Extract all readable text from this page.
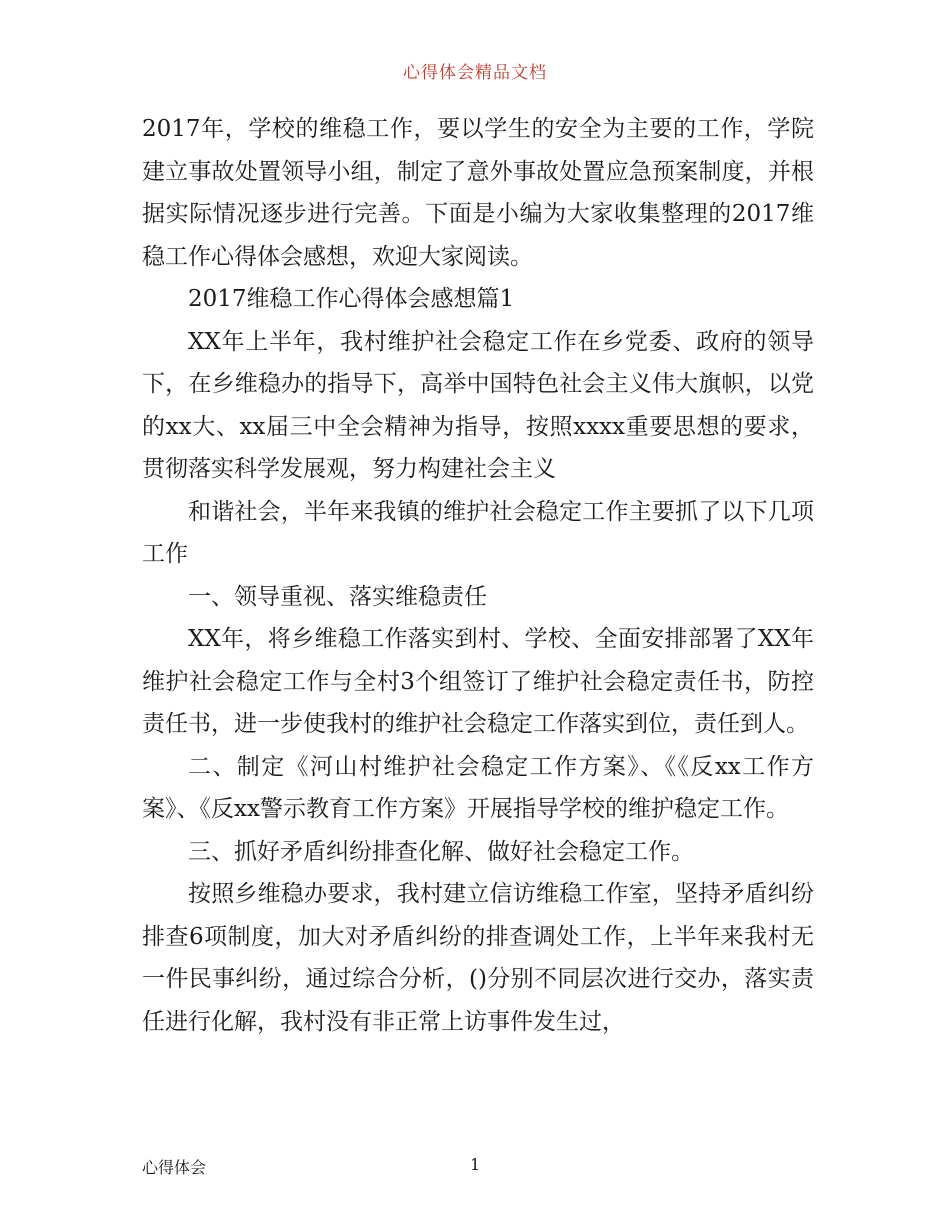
心得体会精品文档

2017年，学校的维稳工作，要以学生的安全为主要的工作，学院建立事故处置领导小组，制定了意外事故处置应急预案制度，并根据实际情况逐步进行完善。下面是小编为大家收集整理的2017维稳工作心得体会感想，欢迎大家阅读。

2017维稳工作心得体会感想篇1

XX年上半年，我村维护社会稳定工作在乡党委、政府的领导下，在乡维稳办的指导下，高举中国特色社会主义伟大旗帜，以党的xx大、xx届三中全会精神为指导，按照xxxx重要思想的要求，贯彻落实科学发展观，努力构建社会主义

和谐社会，半年来我镇的维护社会稳定工作主要抓了以下几项工作

一、领导重视、落实维稳责任

XX年，将乡维稳工作落实到村、学校、全面安排部署了XX年维护社会稳定工作与全村3个组签订了维护社会稳定责任书，防控责任书，进一步使我村的维护社会稳定工作落实到位，责任到人。

二、制定《河山村维护社会稳定工作方案》、《《反xx工作方案》、《反xx警示教育工作方案》开展指导学校的维护稳定工作。

三、抓好矛盾纠纷排查化解、做好社会稳定工作。

按照乡维稳办要求，我村建立信访维稳工作室，坚持矛盾纠纷排查6项制度，加大对矛盾纠纷的排查调处工作，上半年来我村无一件民事纠纷，通过综合分析，()分别不同层次进行交办，落实责任进行化解，我村没有非正常上访事件发生过，

心得体会	1
